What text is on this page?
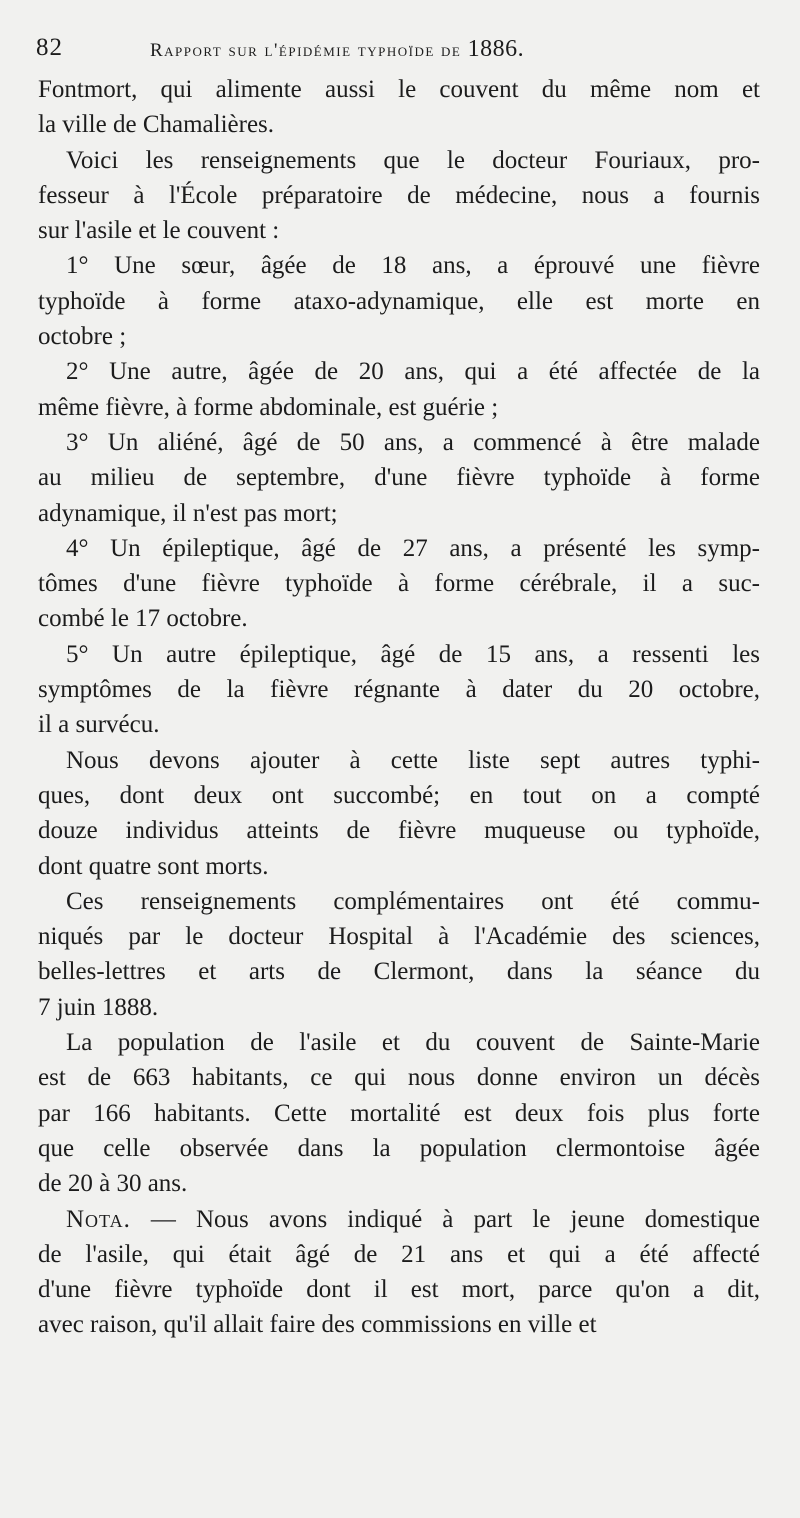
82	Rapport sur l'épidémie typhoïde de 1886.
Fontmort, qui alimente aussi le couvent du même nom et
la ville de Chamalières.
Voici les renseignements que le docteur Fouriaux, pro-
fesseur à l'École préparatoire de médecine, nous a fournis
sur l'asile et le couvent :
1° Une sœur, âgée de 18 ans, a éprouvé une fièvre
typhoïde à forme ataxo-adynamique, elle est morte en
octobre ;
2° Une autre, âgée de 20 ans, qui a été affectée de la
même fièvre, à forme abdominale, est guérie ;
3° Un aliéné, âgé de 50 ans, a commencé à être malade
au milieu de septembre, d'une fièvre typhoïde à forme
adynamique, il n'est pas mort;
4° Un épileptique, âgé de 27 ans, a présenté les symp-
tômes d'une fièvre typhoïde à forme cérébrale, il a suc-
combé le 17 octobre.
5° Un autre épileptique, âgé de 15 ans, a ressenti les
symptômes de la fièvre régnante à dater du 20 octobre,
il a survécu.
Nous devons ajouter à cette liste sept autres typhi-
ques, dont deux ont succombé; en tout on a compté
douze individus atteints de fièvre muqueuse ou typhoïde,
dont quatre sont morts.
Ces renseignements complémentaires ont été commu-
niqués par le docteur Hospital à l'Académie des sciences,
belles-lettres et arts de Clermont, dans la séance du
7 juin 1888.
La population de l'asile et du couvent de Sainte-Marie
est de 663 habitants, ce qui nous donne environ un décès
par 166 habitants. Cette mortalité est deux fois plus forte
que celle observée dans la population clermontoise âgée
de 20 à 30 ans.
Nota. — Nous avons indiqué à part le jeune domestique
de l'asile, qui était âgé de 21 ans et qui a été affecté
d'une fièvre typhoïde dont il est mort, parce qu'on a dit,
avec raison, qu'il allait faire des commissions en ville et
